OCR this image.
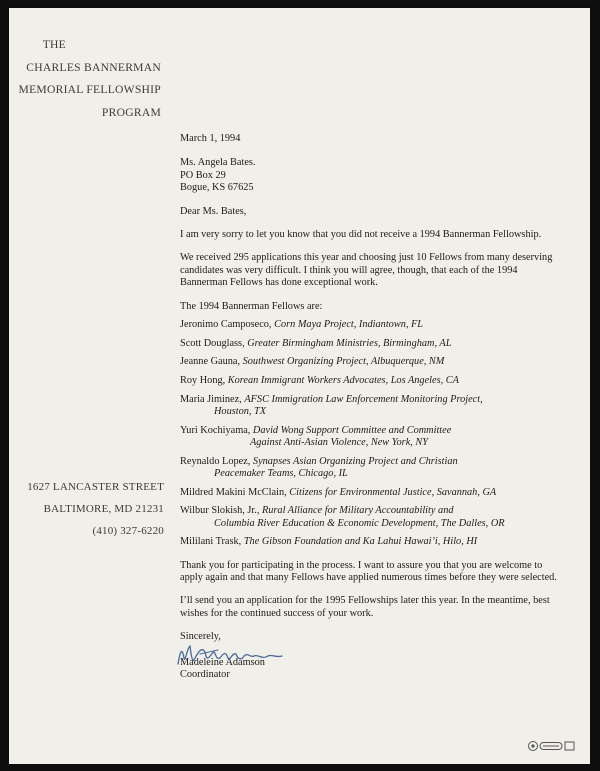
THE
CHARLES BANNERMAN
MEMORIAL FELLOWSHIP
PROGRAM
1627 LANCASTER STREET
BALTIMORE, MD 21231
(410) 327-6220

March 1, 1994

Ms. Angela Bates.

PO Box 29

Bogue, KS 67625

Dear Ms. Bates,

I am very sorry to let you know that you did not receive a 1994 Bannerman Fellowship.

We received 295 applications this year and choosing just 10 Fellows from many deserving candidates was very difficult. I think you will agree, though, that each of the 1994 Bannerman Fellows has done exceptional work.

The 1994 Bannerman Fellows are:

Jeronimo Camposeco, Corn Maya Project, Indiantown, FL

Scott Douglass, Greater Birmingham Ministries, Birmingham, AL

Jeanne Gauna, Southwest Organizing Project, Albuquerque, NM

Roy Hong, Korean Immigrant Workers Advocates, Los Angeles, CA

Maria Jiminez, AFSC Immigration Law Enforcement Monitoring Project,
Houston, TX

Yuri Kochiyama, David Wong Support Committee and Committee
Against Anti-Asian Violence, New York, NY

Reynaldo Lopez, Synapses Asian Organizing Project and Christian
Peacemaker Teams, Chicago, IL

Mildred Makini McClain, Citizens for Environmental Justice, Savannah, GA

Wilbur Slokish, Jr., Rural Alliance for Military Accountability and
Columbia River Education & Economic Development, The Dalles, OR

Mililani Trask, The Gibson Foundation and Ka Lahui Hawai’i, Hilo, HI

Thank you for participating in the process. I want to assure you that you are welcome to apply again and that many Fellows have applied numerous times before they were selected.

I’ll send you an application for the 1995 Fellowships later this year. In the meantime, best wishes for the continued success of your work.

Sincerely,

Madeleine Adamson

Coordinator
